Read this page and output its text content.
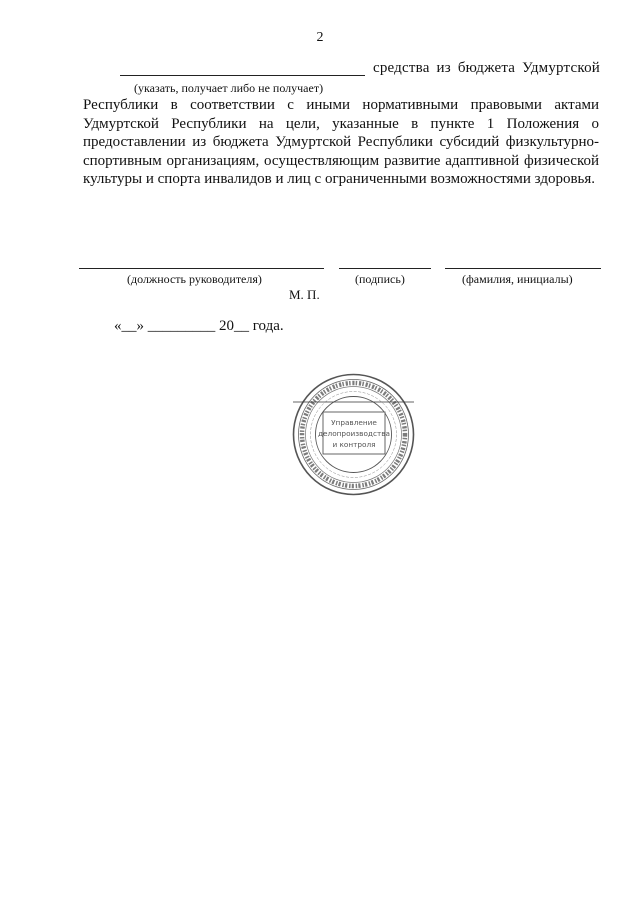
2
средства из бюджета Удмуртской
(указать, получает либо не получает)

Республики в соответствии с иными нормативными правовыми актами Удмуртской Республики на цели, указанные в пункте 1 Положения о предоставлении из бюджета Удмуртской Республики субсидий физкультурно-спортивным организациям, осуществляющим развитие адаптивной физической культуры и спорта инвалидов и лиц с ограниченными возможностями здоровья.

(должность руководителя)	(подпись)	(фамилия, инициалы)
М. П.
«__» _________ 20__ года.
Управление
делопроизводства
и контроля
